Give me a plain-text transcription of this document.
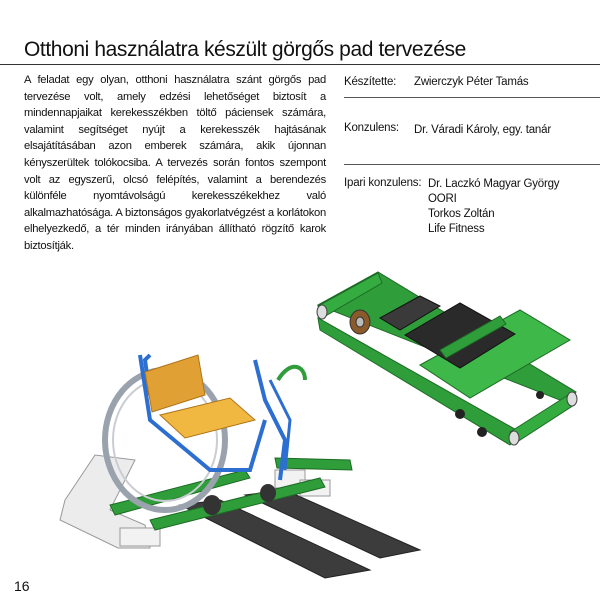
Otthoni használatra készült görgős pad tervezése
A feladat egy olyan, otthoni használatra szánt görgős pad tervezése volt, amely edzési lehetőséget biztosít a mindennapjaikat kerekesszékben töltő páciensek számára, valamint segítséget nyújt a kerekesszék hajtásának elsajátításában azon emberek számára, akik újonnan kényszerültek tolókocsiba. A tervezés során fontos szempont volt az egyszerű, olcsó felépítés, valamint a berendezés különféle nyomtávolságú kerekesszékekhez való alkalmazhatósága. A biztonságos gyakorlatvégzést a korlátokon elhelyezkedő, a tér minden irányában állítható rögzítő karok biztosítják.
Készítette: Zwierczyk Péter Tamás
Konzulens: Dr. Váradi Károly, egy. tanár
Ipari konzulens: Dr. Laczkó Magyar György
OORI
Torkos Zoltán
Life Fitness
16
